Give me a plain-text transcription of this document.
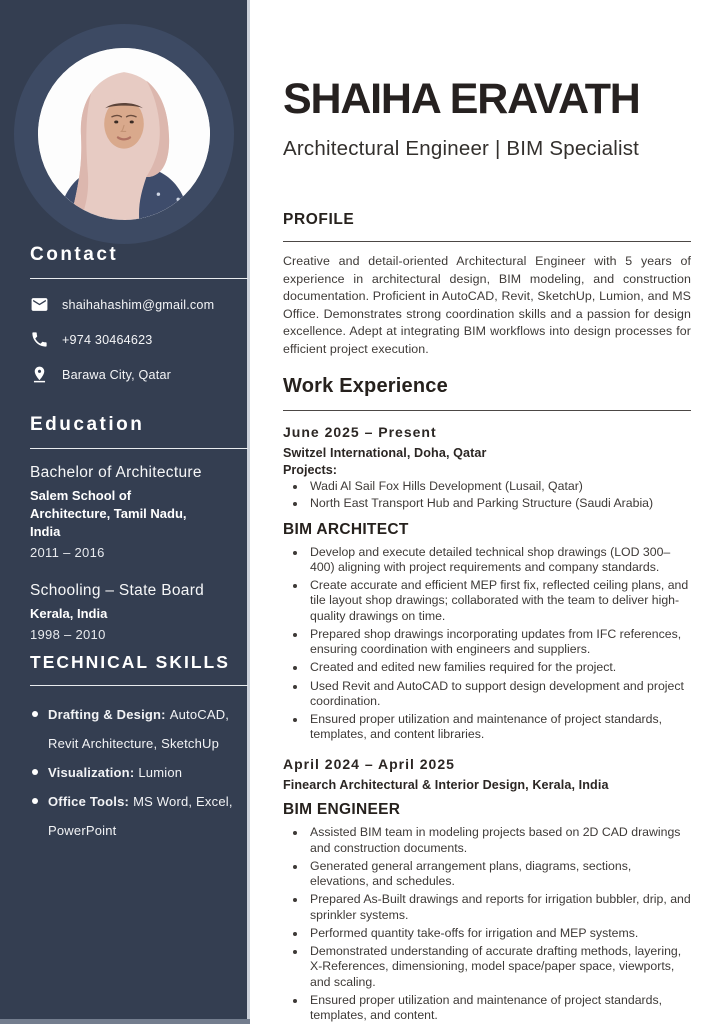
Contact
shaihahashim@gmail.com
+974 30464623
Barawa City, Qatar
Education
Bachelor of Architecture
Salem School of Architecture, Tamil Nadu, India
2011 – 2016
Schooling – State Board
Kerala, India
1998 – 2010
TECHNICAL SKILLS
Drafting & Design: AutoCAD, Revit Architecture, SketchUp
Visualization: Lumion
Office Tools: MS Word, Excel, PowerPoint
SHAIHA ERAVATH
Architectural Engineer | BIM Specialist
PROFILE

Creative and detail-oriented Architectural Engineer with 5 years of experience in architectural design, BIM modeling, and construction documentation. Proficient in AutoCAD, Revit, SketchUp, Lumion, and MS Office. Demonstrates strong coordination skills and a passion for design excellence. Adept at integrating BIM workflows into design processes for efficient project execution.

Work Experience
June 2025 – Present
Switzel International, Doha, Qatar
Projects:
• Wadi Al Sail Fox Hills Development (Lusail, Qatar)
• North East Transport Hub and Parking Structure (Saudi Arabia)
BIM ARCHITECT
• Develop and execute detailed technical shop drawings (LOD 300–400) aligning with project requirements and company standards.
• Create accurate and efficient MEP first fix, reflected ceiling plans, and tile layout shop drawings; collaborated with the team to deliver high-quality drawings on time.
• Prepared shop drawings incorporating updates from IFC references, ensuring coordination with engineers and suppliers.
• Created and edited new families required for the project.
• Used Revit and AutoCAD to support design development and project coordination.
• Ensured proper utilization and maintenance of project standards, templates, and content libraries.
April 2024 – April 2025
Finearch Architectural & Interior Design, Kerala, India
BIM ENGINEER
• Assisted BIM team in modeling projects based on 2D CAD drawings and construction documents.
• Generated general arrangement plans, diagrams, sections, elevations, and schedules.
• Prepared As-Built drawings and reports for irrigation bubbler, drip, and sprinkler systems.
• Performed quantity take-offs for irrigation and MEP systems.
• Demonstrated understanding of accurate drafting methods, layering, X-References, dimensioning, model space/paper space, viewports, and scaling.
• Ensured proper utilization and maintenance of project standards, templates, and content.
